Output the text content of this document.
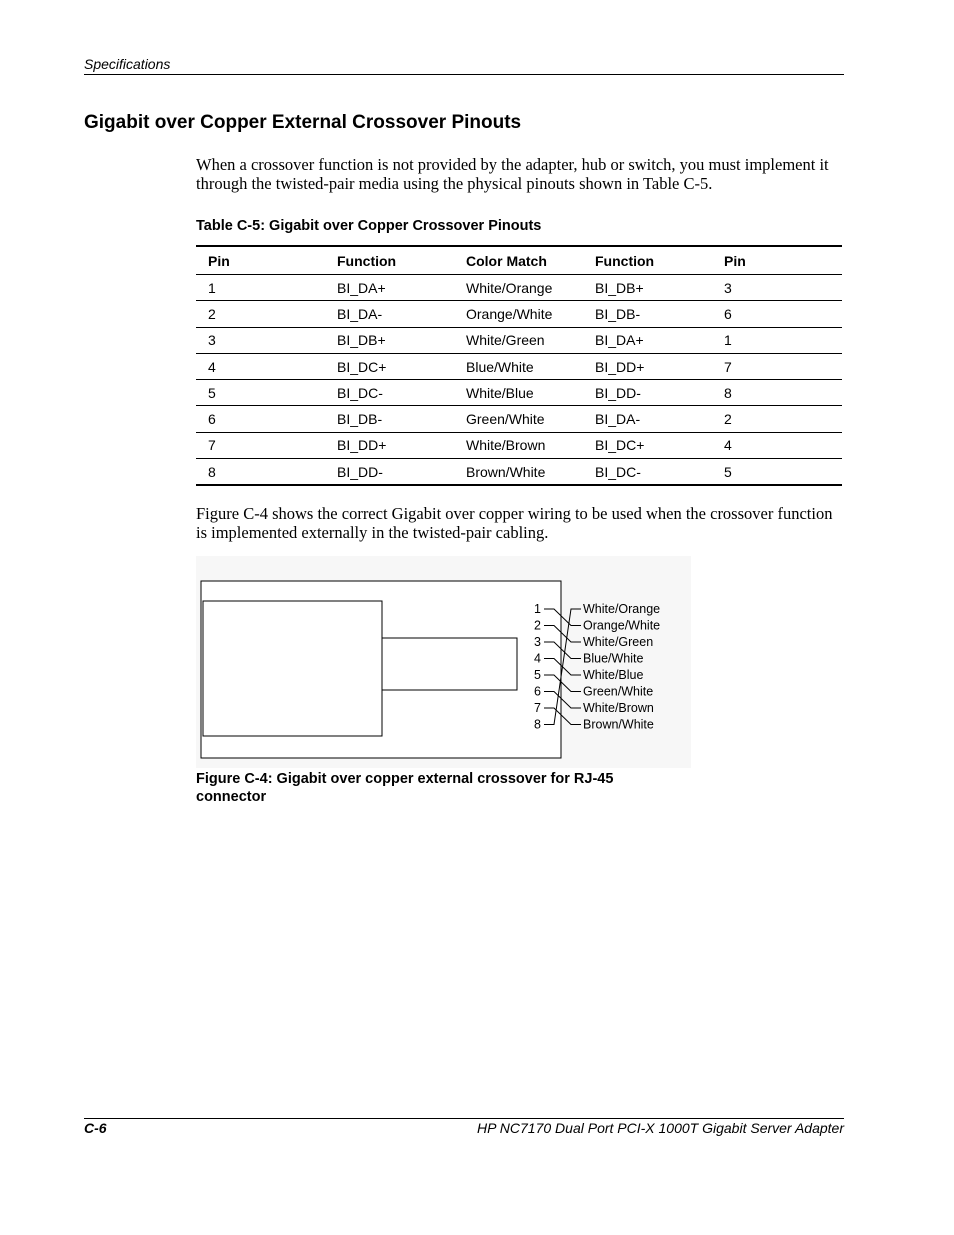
Specifications
Gigabit over Copper External Crossover Pinouts

When a crossover function is not provided by the adapter, hub or switch, you must implement it through the twisted-pair media using the physical pinouts shown in Table C-5.

Table C-5: Gigabit over Copper Crossover Pinouts
Pin	Function	Color Match	Function	Pin
1	BI_DA+	White/Orange	BI_DB+	3
2	BI_DA-	Orange/White	BI_DB-	6
3	BI_DB+	White/Green	BI_DA+	1
4	BI_DC+	Blue/White	BI_DD+	7
5	BI_DC-	White/Blue	BI_DD-	8
6	BI_DB-	Green/White	BI_DA-	2
7	BI_DD+	White/Brown	BI_DC+	4
8	BI_DD-	Brown/White	BI_DC-	5

Figure C-4 shows the correct Gigabit over copper wiring to be used when the crossover function is implemented externally in the twisted-pair cabling.

1
2
3
4
5
6
7
8
White/Orange
Orange/White
White/Green
Blue/White
White/Blue
Green/White
White/Brown
Brown/White

Figure C-4: Gigabit over copper external crossover for RJ-45 connector

C-6	HP NC7170 Dual Port PCI-X 1000T Gigabit Server Adapter
